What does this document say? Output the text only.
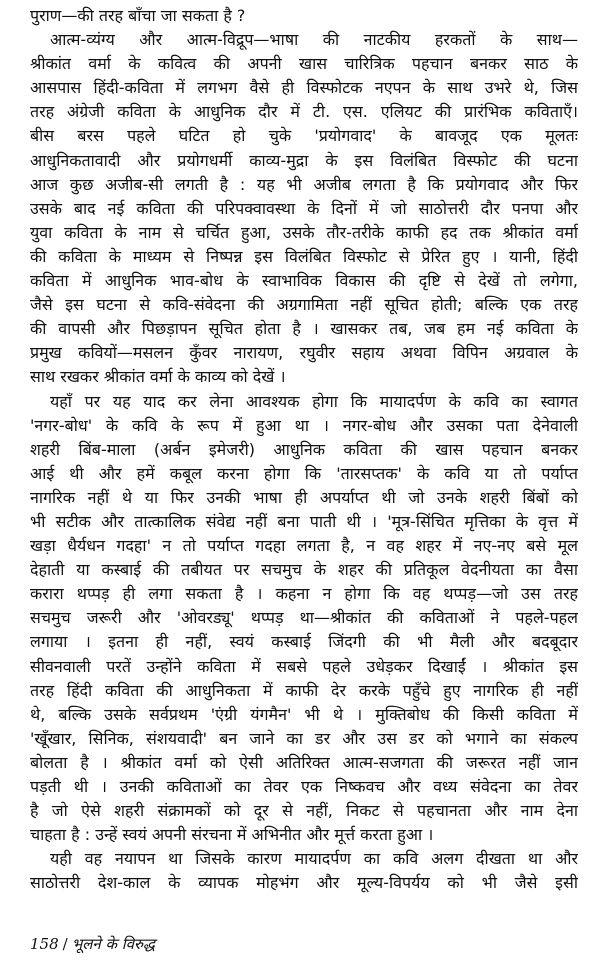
पुराण—की तरह बाँचा जा सकता है ?
आत्म-व्यंग्य और आत्म-विद्रूप—भाषा की नाटकीय हरकतों के साथ—
श्रीकांत वर्मा के कवित्व की अपनी खास चारित्रिक पहचान बनकर साठ के
आसपास हिंदी-कविता में लगभग वैसे ही विस्फोटक नएपन के साथ उभरे थे, जिस
तरह अंग्रेजी कविता के आधुनिक दौर में टी. एस. एलियट की प्रारंभिक कविताएँ।
बीस बरस पहले घटित हो चुके 'प्रयोगवाद' के बावजूद एक मूलतः
आधुनिकतावादी और प्रयोगधर्मी काव्य-मुद्रा के इस विलंबित विस्फोट की घटना
आज कुछ अजीब-सी लगती है : यह भी अजीब लगता है कि प्रयोगवाद और फिर
उसके बाद नई कविता की परिपक्वावस्था के दिनों में जो साठोत्तरी दौर पनपा और
युवा कविता के नाम से चर्चित हुआ, उसके तौर-तरीके काफी हद तक श्रीकांत वर्मा
की कविता के माध्यम से निष्पन्न इस विलंबित विस्फोट से प्रेरित हुए । यानी, हिंदी
कविता में आधुनिक भाव-बोध के स्वाभाविक विकास की दृष्टि से देखें तो लगेगा,
जैसे इस घटना से कवि-संवेदना की अग्रगामिता नहीं सूचित होती; बल्कि एक तरह
की वापसी और पिछड़ापन सूचित होता है । खासकर तब, जब हम नई कविता के
प्रमुख कवियों—मसलन कुँवर नारायण, रघुवीर सहाय अथवा विपिन अग्रवाल के
साथ रखकर श्रीकांत वर्मा के काव्य को देखें ।
यहाँ पर यह याद कर लेना आवश्यक होगा कि मायादर्पण के कवि का स्वागत
'नगर-बोध' के कवि के रूप में हुआ था । नगर-बोध और उसका पता देनेवाली
शहरी बिंब-माला (अर्बन इमेजरी) आधुनिक कविता की खास पहचान बनकर
आई थी और हमें कबूल करना होगा कि 'तारसप्तक' के कवि या तो पर्याप्त
नागरिक नहीं थे या फिर उनकी भाषा ही अपर्याप्त थी जो उनके शहरी बिंबों को
भी सटीक और तात्कालिक संवेद्य नहीं बना पाती थी । 'मूत्र-सिंचित मृत्तिका के वृत्त में
खड़ा धैर्यधन गदहा' न तो पर्याप्त गदहा लगता है, न वह शहर में नए-नए बसे मूल
देहाती या कस्बाई की तबीयत पर सचमुच के शहर की प्रतिकूल वेदनीयता का वैसा
करारा थप्पड़ ही लगा सकता है । कहना न होगा कि वह थप्पड़—जो उस तरह
सचमुच जरूरी और 'ओवरड्यू' थप्पड़ था—श्रीकांत की कविताओं ने पहले-पहल
लगाया । इतना ही नहीं, स्वयं कस्बाई जिंदगी की भी मैली और बदबूदार
सीवनवाली परतें उन्होंने कविता में सबसे पहले उधेड़कर दिखाईं । श्रीकांत इस
तरह हिंदी कविता की आधुनिकता में काफी देर करके पहुँचे हुए नागरिक ही नहीं
थे, बल्कि उसके सर्वप्रथम 'एंग्री यंगमैन' भी थे । मुक्तिबोध की किसी कविता में
'खूँखार, सिनिक, संशयवादी' बन जाने का डर और उस डर को भगाने का संकल्प
बोलता है । श्रीकांत वर्मा को ऐसी अतिरिक्त आत्म-सजगता की जरूरत नहीं जान
पड़ती थी । उनकी कविताओं का तेवर एक निष्कवच और वध्य संवेदना का तेवर
है जो ऐसे शहरी संक्रामकों को दूर से नहीं, निकट से पहचानता और नाम देना
चाहता है : उन्हें स्वयं अपनी संरचना में अभिनीत और मूर्त्त करता हुआ ।
यही वह नयापन था जिसके कारण मायादर्पण का कवि अलग दीखता था और
साठोत्तरी देश-काल के व्यापक मोहभंग और मूल्य-विपर्यय को भी जैसे इसी
158 / भूलने के विरुद्ध
